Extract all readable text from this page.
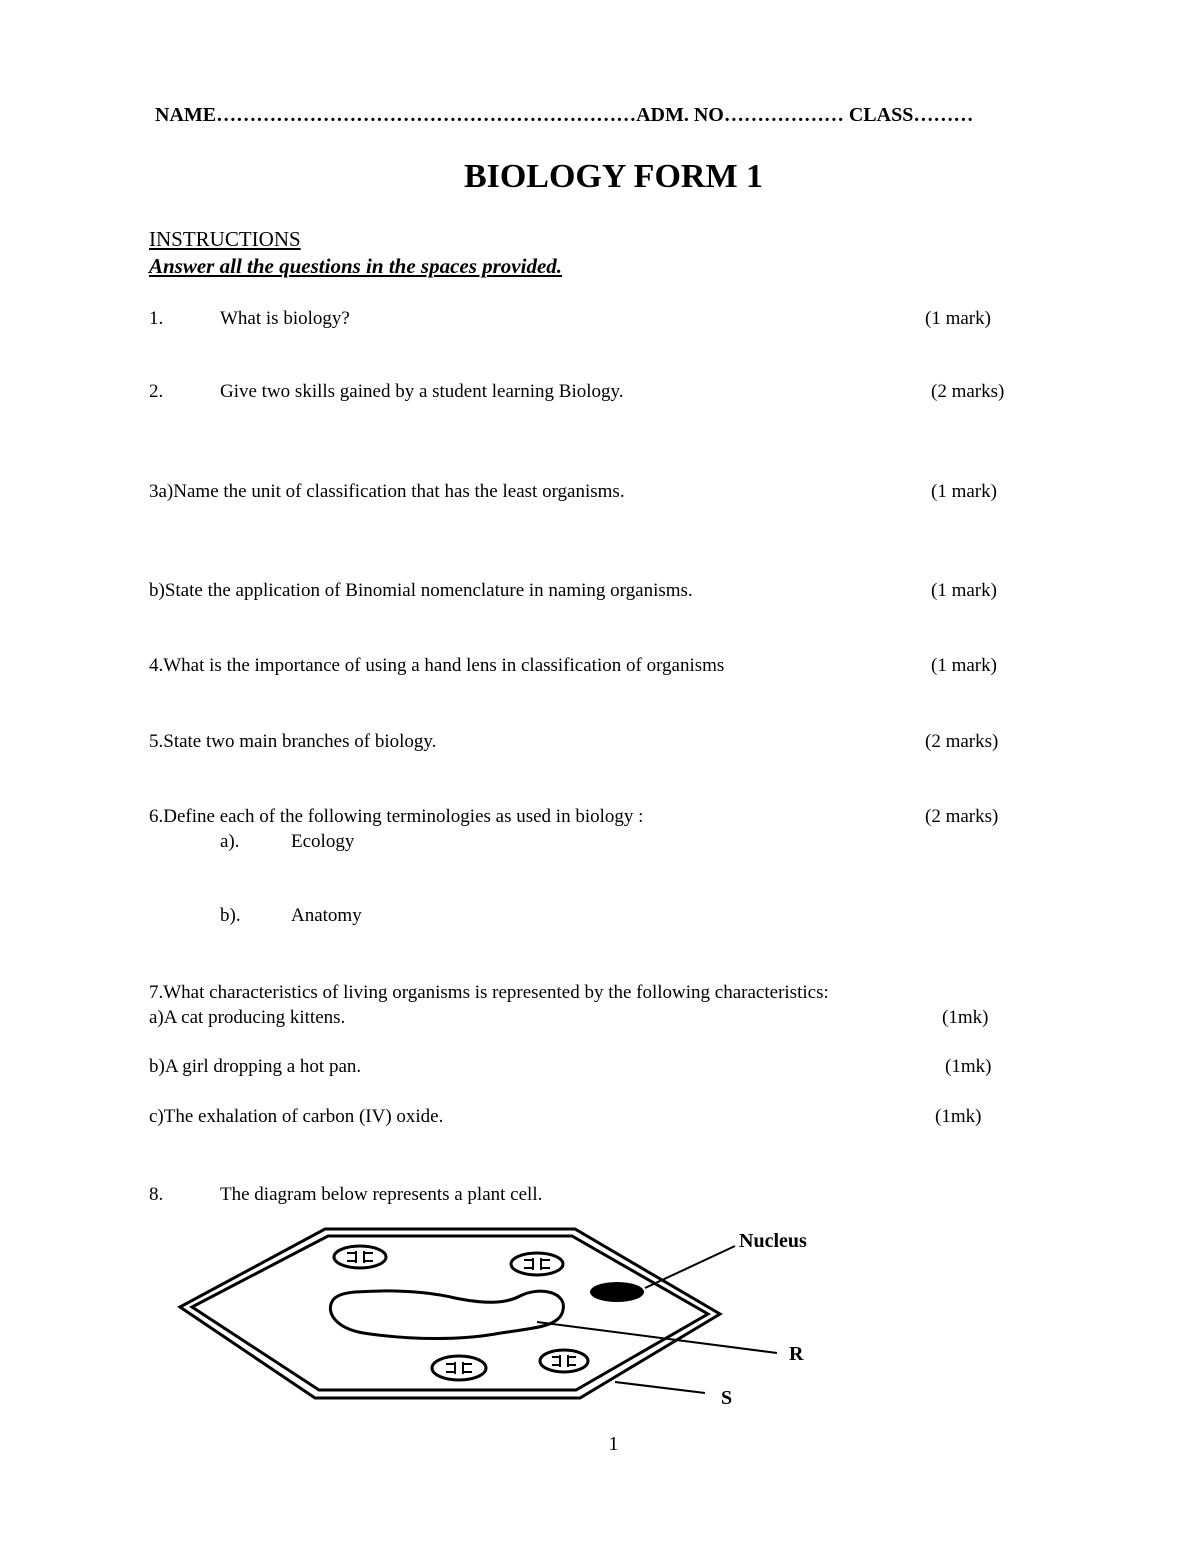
NAME………………………………………………………ADM. NO……………… CLASS………
BIOLOGY FORM 1
INSTRUCTIONS
Answer all the questions in the spaces provided.
1.	What is biology?	(1 mark)
2.	Give two skills gained by a student learning Biology.	(2 marks)
3a)Name the unit of classification that has the least organisms.	(1 mark)
b)State the application of Binomial nomenclature in naming organisms.	(1 mark)
4.What is the importance of using a hand lens in classification of organisms	(1 mark)
5.State two main branches of biology.	(2 marks)
6.Define each of the following terminologies as used in biology :	(2 marks)
a).	Ecology
b).	Anatomy
7.What characteristics of living organisms is represented by the following characteristics:
a)A cat producing kittens.	(1mk)
b)A girl dropping a hot pan.	(1mk)
c)The exhalation of carbon (IV) oxide.	(1mk)
8.	The diagram below represents a plant cell.
Nucleus
R
S
1
